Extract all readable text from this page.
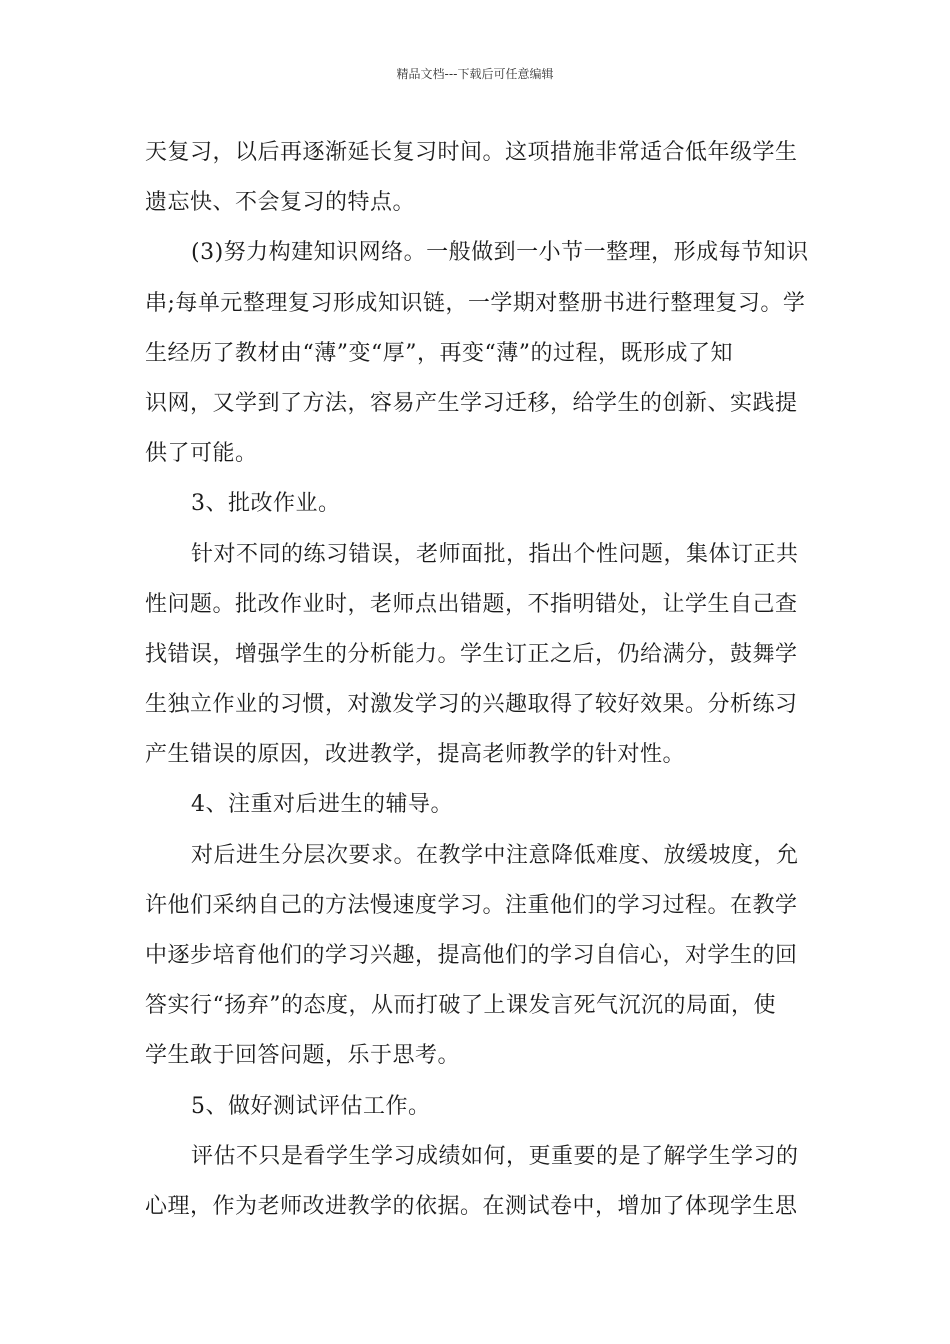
精品文档---下载后可任意编辑
天复习，以后再逐渐延长复习时间。这项措施非常适合低年级学生
遗忘快、不会复习的特点。
(3)努力构建知识网络。一般做到一小节一整理，形成每节知识
串;每单元整理复习形成知识链，一学期对整册书进行整理复习。学
生经历了教材由“薄”变“厚”，再变“薄”的过程，既形成了知
识网，又学到了方法，容易产生学习迁移，给学生的创新、实践提
供了可能。
3、批改作业。
针对不同的练习错误，老师面批，指出个性问题，集体订正共
性问题。批改作业时，老师点出错题，不指明错处，让学生自己查
找错误，增强学生的分析能力。学生订正之后，仍给满分，鼓舞学
生独立作业的习惯，对激发学习的兴趣取得了较好效果。分析练习
产生错误的原因，改进教学，提高老师教学的针对性。
4、注重对后进生的辅导。
对后进生分层次要求。在教学中注意降低难度、放缓坡度，允
许他们采纳自己的方法慢速度学习。注重他们的学习过程。在教学
中逐步培育他们的学习兴趣，提高他们的学习自信心，对学生的回
答实行“扬弃”的态度，从而打破了上课发言死气沉沉的局面，使
学生敢于回答问题，乐于思考。
5、做好测试评估工作。
评估不只是看学生学习成绩如何，更重要的是了解学生学习的
心理，作为老师改进教学的依据。在测试卷中，增加了体现学生思
